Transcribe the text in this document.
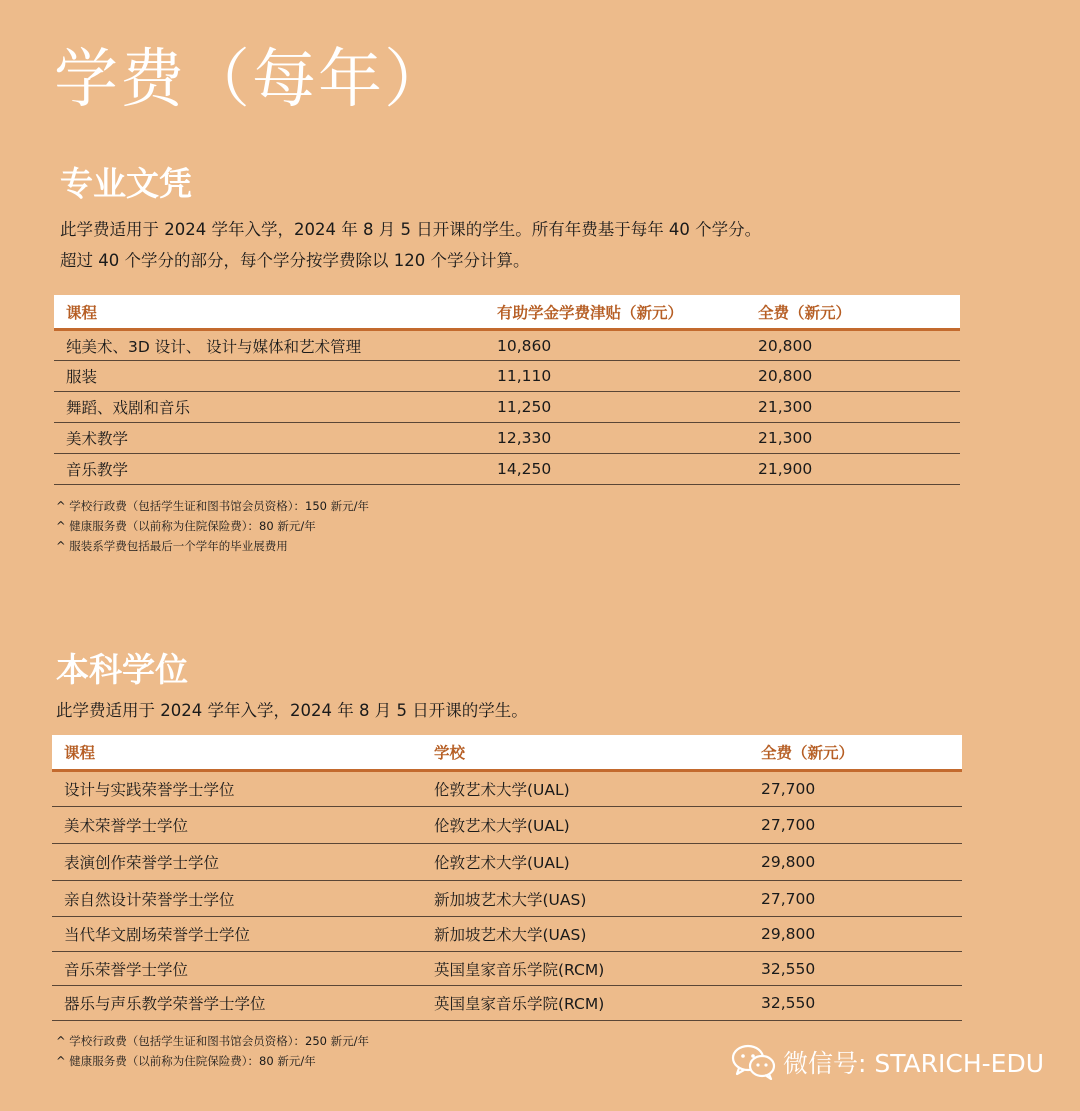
学费（每年）
专业文凭
此学费适用于 2024 学年入学，2024 年 8 月 5 日开课的学生。所有年费基于每年 40 个学分。
超过 40 个学分的部分，每个学分按学费除以 120 个学分计算。
课程	有助学金学费津贴（新元）	全费（新元）
纯美术、3D 设计、 设计与媒体和艺术管理	10,860	20,800
服装	11,110	20,800
舞蹈、戏剧和音乐	11,250	21,300
美术教学	12,330	21,300
音乐教学	14,250	21,900
^ 学校行政费（包括学生证和图书馆会员资格）：150 新元/年
^ 健康服务费（以前称为住院保险费）：80 新元/年
^ 服装系学费包括最后一个学年的毕业展费用
本科学位
此学费适用于 2024 学年入学，2024 年 8 月 5 日开课的学生。
课程	学校	全费（新元）
设计与实践荣誉学士学位	伦敦艺术大学(UAL)	27,700
美术荣誉学士学位	伦敦艺术大学(UAL)	27,700
表演创作荣誉学士学位	伦敦艺术大学(UAL)	29,800
亲自然设计荣誉学士学位	新加坡艺术大学(UAS)	27,700
当代华文剧场荣誉学士学位	新加坡艺术大学(UAS)	29,800
音乐荣誉学士学位	英国皇家音乐学院(RCM)	32,550
器乐与声乐教学荣誉学士学位	英国皇家音乐学院(RCM)	32,550
^ 学校行政费（包括学生证和图书馆会员资格）：250 新元/年
^ 健康服务费（以前称为住院保险费）：80 新元/年	微信号: STARICH-EDU
